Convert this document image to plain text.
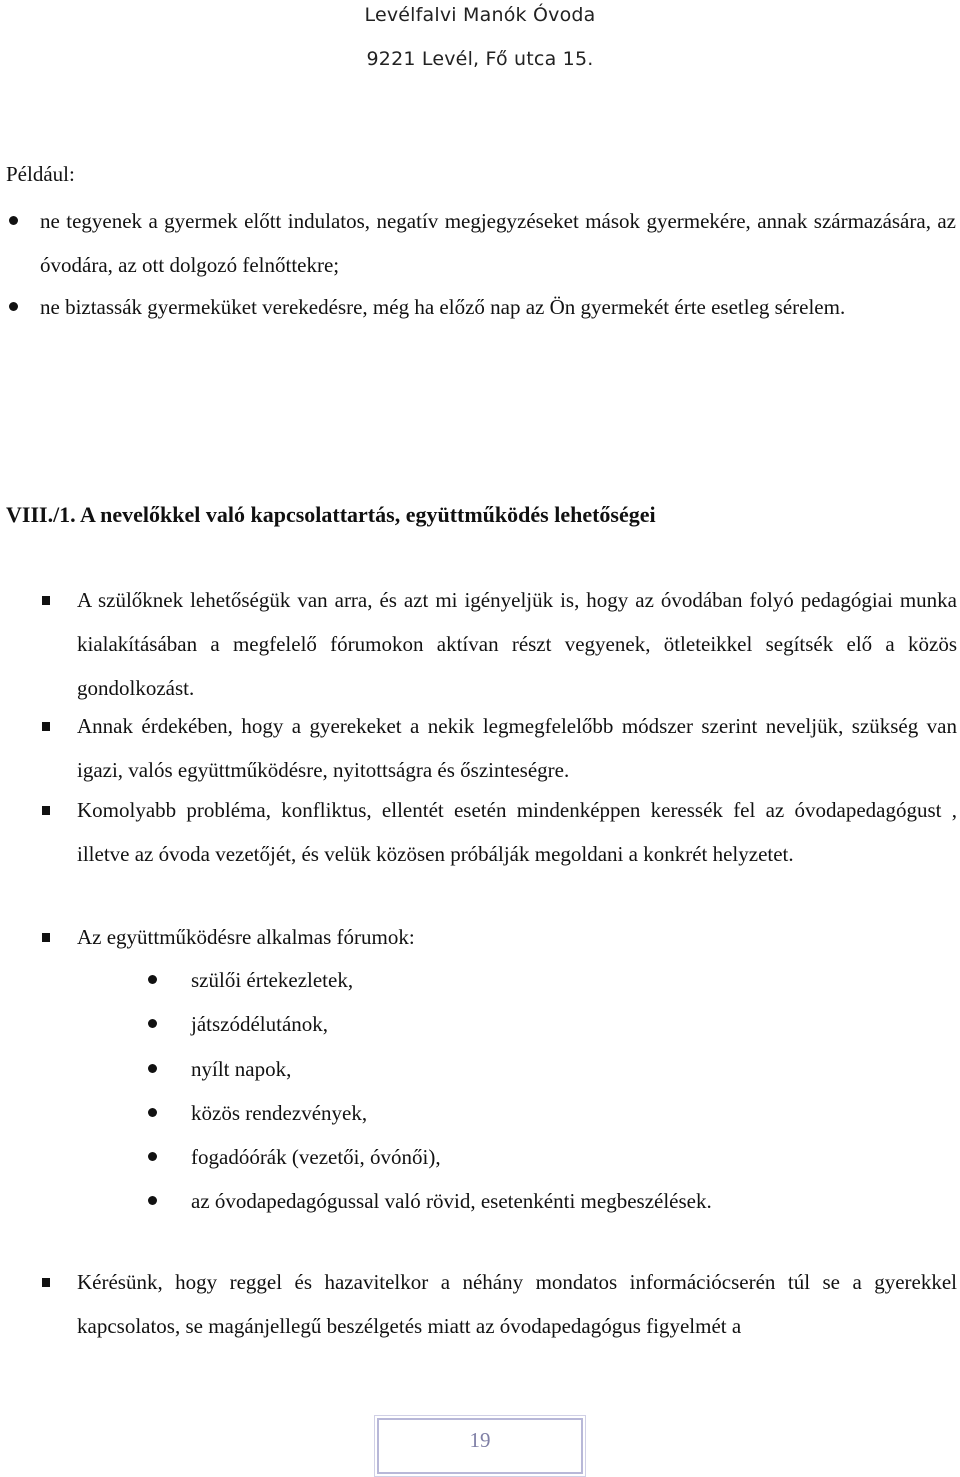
Levélfalvi Manók Óvoda
9221 Levél, Fő utca 15.

Például:

ne tegyenek a gyermek előtt indulatos, negatív megjegyzéseket mások gyermekére, annak származására, az óvodára, az ott dolgozó felnőttekre;

ne biztassák gyermeküket verekedésre, még ha előző nap az Ön gyermekét érte esetleg sérelem.

VIII./1. A nevelőkkel való kapcsolattartás, együttműködés lehetőségei

A szülőknek lehetőségük van arra, és azt mi igényeljük is, hogy az óvodában folyó pedagógiai munka kialakításában a megfelelő fórumokon aktívan részt vegyenek, ötleteikkel segítsék elő a közös gondolkozást.

Annak érdekében, hogy a gyerekeket a nekik legmegfelelőbb módszer szerint neveljük, szükség van igazi, valós együttműködésre, nyitottságra és őszinteségre.

Komolyabb probléma, konfliktus, ellentét esetén mindenképpen keressék fel az óvodapedagógust , illetve az óvoda vezetőjét, és velük közösen próbálják megoldani a konkrét helyzetet.

Az együttműködésre alkalmas fórumok:

szülői értekezletek,
játszódélutánok,
nyílt napok,
közös rendezvények,
fogadóórák (vezetői, óvónői),
az óvodapedagógussal való rövid, esetenkénti megbeszélések.

Kérésünk, hogy reggel és hazavitelkor a néhány mondatos információcserén túl se a gyerekkel kapcsolatos, se magánjellegű beszélgetés miatt az óvodapedagógus figyelmét a

19
